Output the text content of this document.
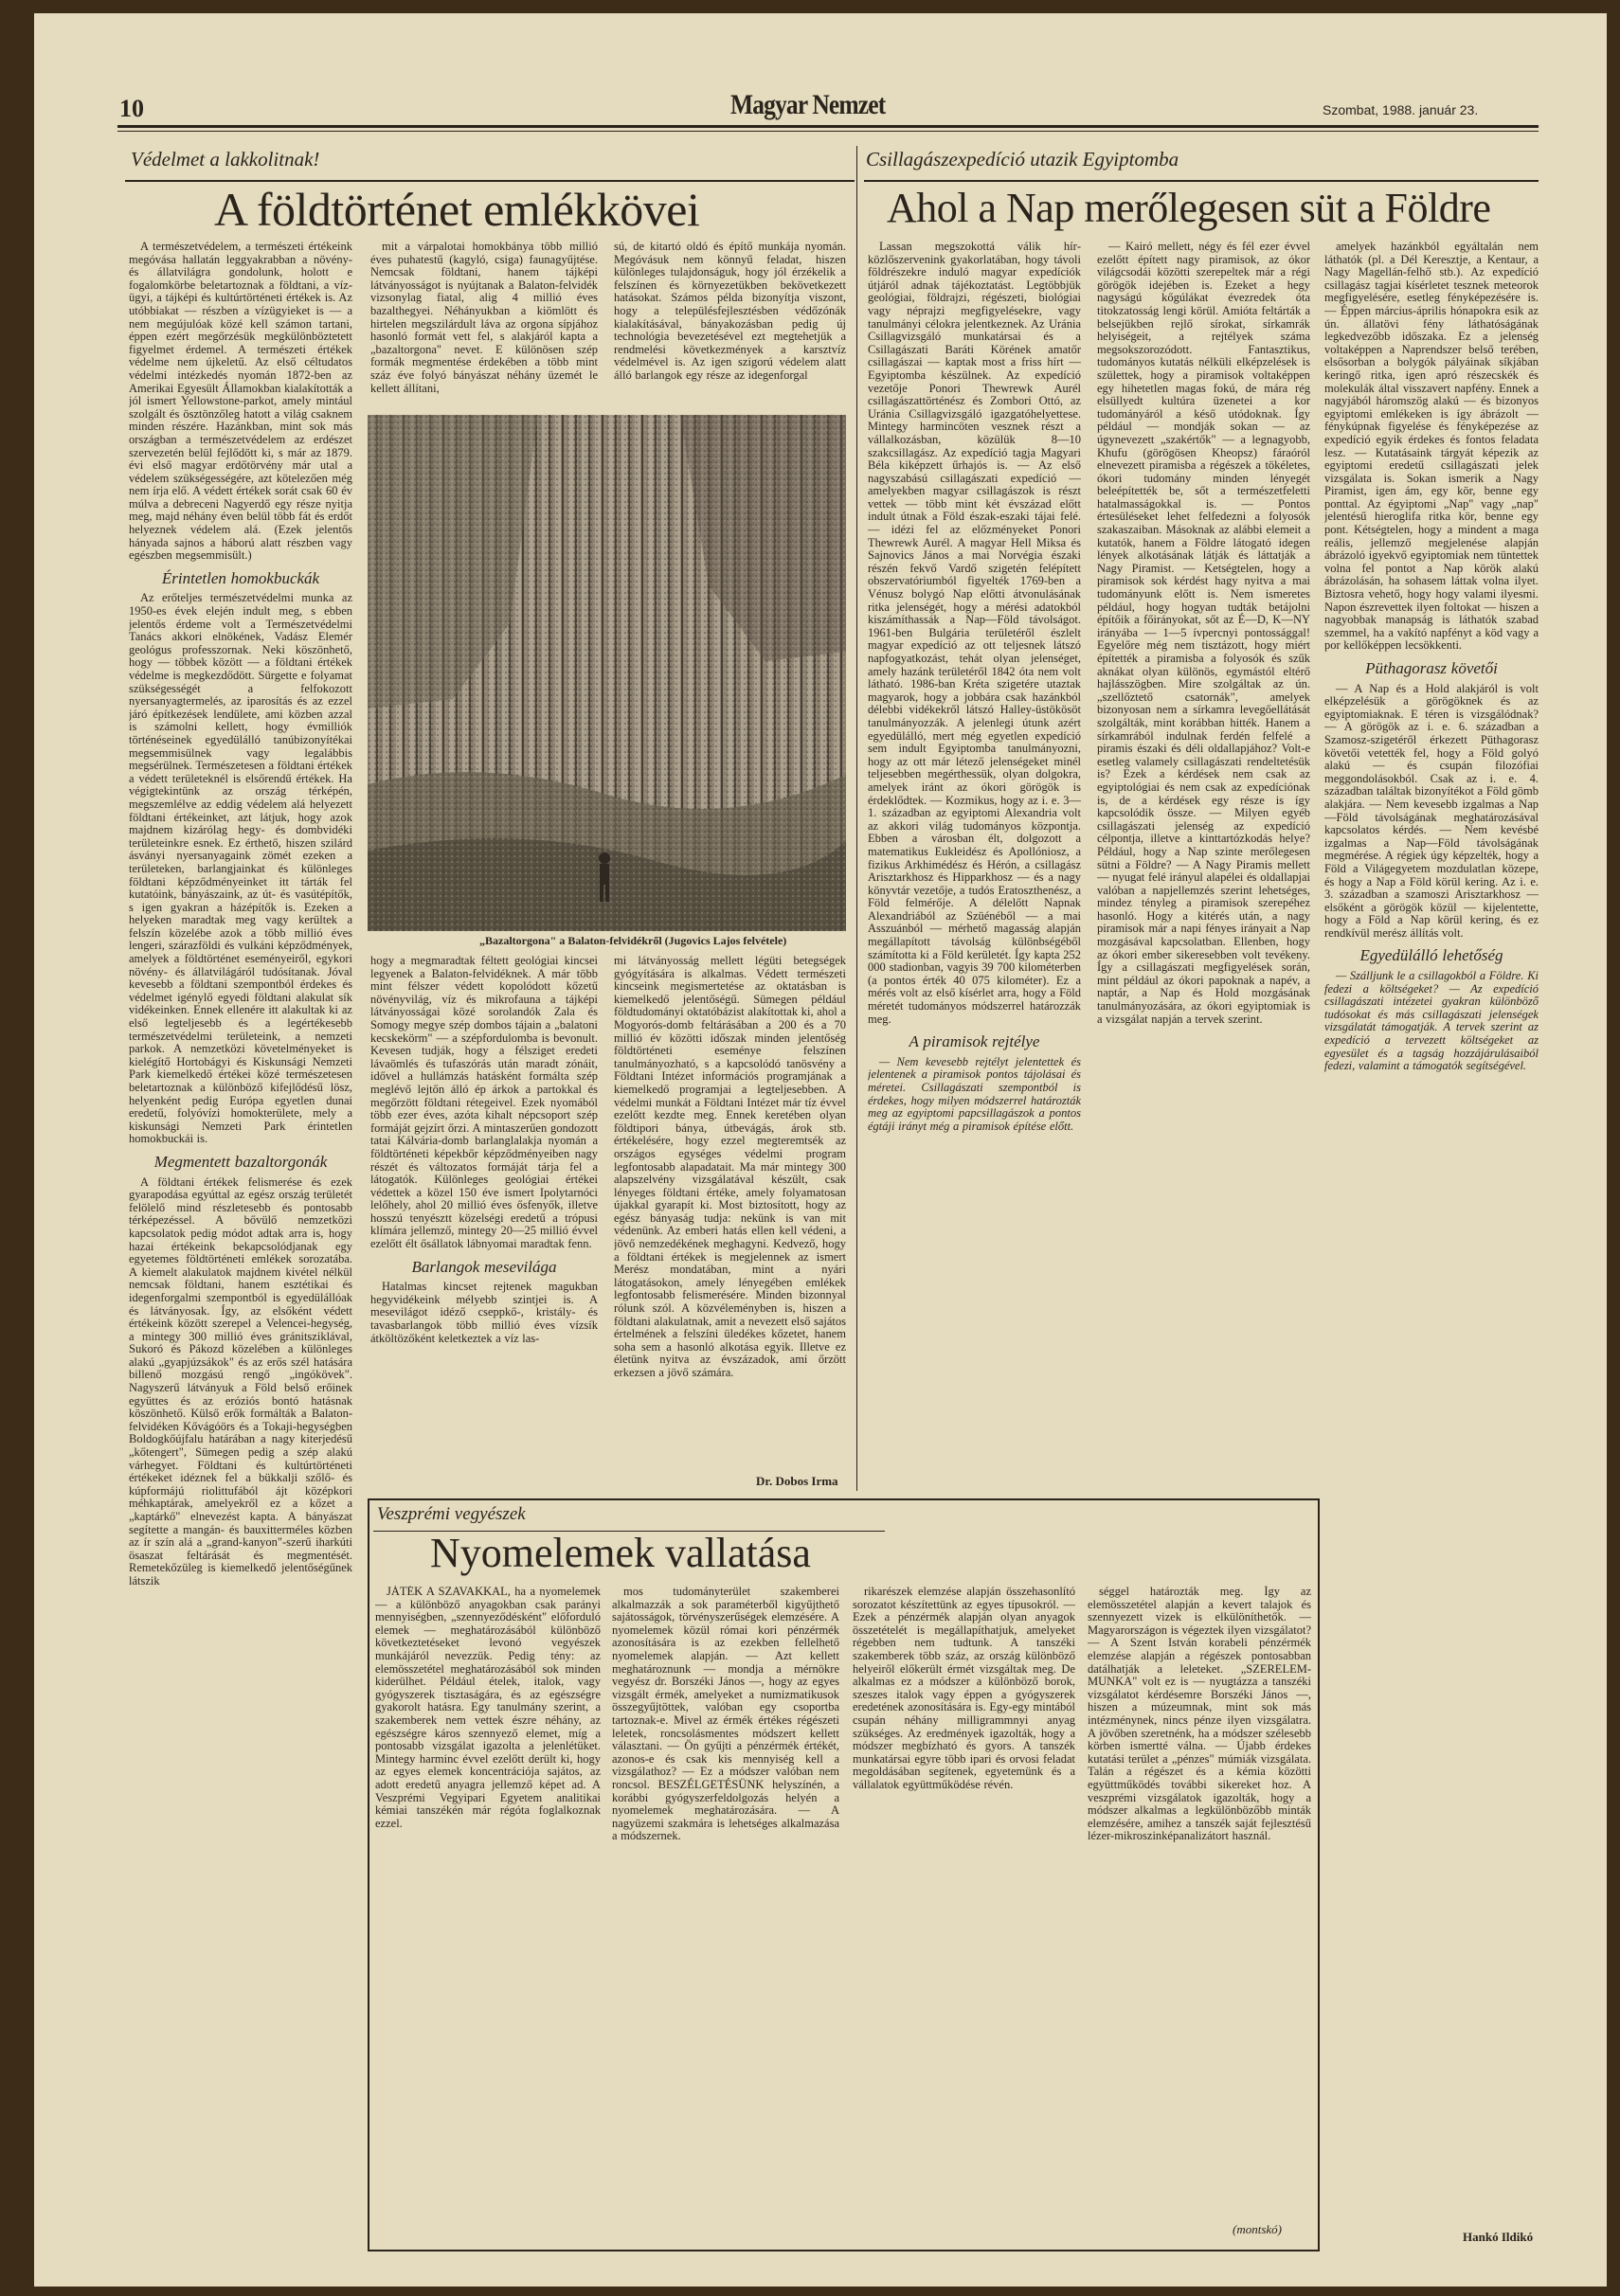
10	Magyar Nemzet	Szombat, 1988. január 23.
Védelmet a lakkolitnak!
A földtörténet emlékkövei

A természetvédelem, a természeti értékeink megóvása hallatán leggyakrabban a növény- és állatvilágra gondolunk, holott e fogalomkörbe beletartoznak a földtani, a vízügyi, a tájképi és kultúrtörténeti értékek is. Az utóbbiakat — részben a vízügyieket is — a nem megújulóak közé kell számon tartani, éppen ezért megőrzésük megkülönböztetett figyelmet érdemel. A természeti értékek védelme nem újkeletű. Az első céltudatos védelmi intézkedés nyomán 1872-ben az Amerikai Egyesült Államokban kialakították a jól ismert Yellowstone-parkot, amely mintául szolgált és ösztönzőleg hatott a világ csaknem minden részére. Hazánkban, mint sok más országban a természetvédelem az erdészet szervezetén belül fejlődött ki, s már az 1879. évi első magyar erdőtörvény már utal a védelem szükségességére, azt kötelezően még nem írja elő. A védett értékek sorát csak 60 év múlva a debreceni Nagyerdő egy része nyitja meg, majd néhány éven belül több fát és erdőt helyeznek védelem alá. (Ezek jelentős hányada sajnos a háború alatt részben vagy egészben megsemmisült.)

Érintetlen homokbuckák

Az erőteljes természetvédelmi munka az 1950-es évek elején indult meg, s ebben jelentős érdeme volt a Természetvédelmi Tanács akkori elnökének, Vadász Elemér geológus professzornak. Neki köszönhető, hogy — többek között — a földtani értékek védelme is megkezdődött. Sürgette e folyamat szükségességét a felfokozott nyersanyagtermelés, az iparosítás és az ezzel járó építkezések lendülete, ami közben azzal is számolni kellett, hogy évmilliók történéseinek egyedülálló tanúbizonyítékai megsemmisülnek vagy legalábbis megsérülnek. Természetesen a földtani értékek a védett területeknél is elsőrendű értékek. Ha végigtekintünk az ország térképén, megszemlélve az eddig védelem alá helyezett földtani értékeinket, azt látjuk, hogy azok majdnem kizárólag hegy- és dombvidéki területeinkre esnek. Ez érthető, hiszen szilárd ásványi nyersanyagaink zömét ezeken a területeken, barlangjainkat és különleges földtani képződményeinket itt tárták fel kutatóink, bányászaink, az út- és vasútépítők, s igen gyakran a házépítők is. Ezeken a helyeken maradtak meg vagy kerültek a felszín közelébe azok a több millió éves lengeri, szárazföldi és vulkáni képződmények, amelyek a földtörténet eseményeiről, egykori növény- és állatvilágáról tudósítanak. Jóval kevesebb a földtani szempontból érdekes és védelmet igénylő egyedi földtani alakulat sík vidékeinken. Ennek ellenére itt alakultak ki az első legteljesebb és a legértékesebb természetvédelmi területeink, a nemzeti parkok. A nemzetközi követelményeket is kielégítő Hortobágyi és Kiskunsági Nemzeti Park kiemelkedő értékei közé természetesen beletartoznak a különböző kifejlődésű lösz, helyenként pedig Európa egyetlen dunai eredetű, folyóvízi homokterülete, mely a kiskunsági Nemzeti Park érintetlen homokbuckái is.

Megmentett bazaltorgonák

A földtani értékek felismerése és ezek gyarapodása egyúttal az egész ország területét felölelő mind részletesebb és pontosabb térképezéssel. A bővülő nemzetközi kapcsolatok pedig módot adtak arra is, hogy hazai értékeink bekapcsolódjanak egy egyetemes földtörténeti emlékek sorozatába. A kiemelt alakulatok majdnem kivétel nélkül nemcsak földtani, hanem esztétikai és idegenforgalmi szempontból is egyedülállóak és látványosak. Így, az elsőként védett értékeink között szerepel a Velencei-hegység, a mintegy 300 millió éves gránitsziklával, Sukoró és Pákozd közelében a különleges alakú „gyapjúzsákok" és az erős szél hatására billenő mozgású rengő „ingókövek". Nagyszerű látványuk a Föld belső erőinek együttes és az eróziós bontó hatásnak köszönhető. Külső erők formálták a Balaton-felvidéken Kővágóörs és a Tokaji-hegységben Boldogkőújfalu határában a nagy kiterjedésű „kőtengert", Sümegen pedig a szép alakú várhegyet. Földtani és kultúrtörténeti értékeket idéznek fel a bükkalji szőlő- és kúpformájú riolittufából ájt középkori méhkaptárak, amelyekről ez a kőzet a „kaptárkő" elnevezést kapta. A bányászat segítette a mangán- és bauxitterméles közben az ír szín alá a „grand-kanyon"-szerű iharkúti ösaszat feltárását és megmentését. Remetekőzüleg is kiemelkedő jelentőségűnek látszik

mit a várpalotai homokbánya több millió éves puhatestű (kagyló, csiga) faunagyűjtése. Nemcsak földtani, hanem tájképi látványosságot is nyújtanak a Balaton-felvidék vizsonylag fiatal, alig 4 millió éves bazalthegyei. Néhányukban a kiömlött és hirtelen megszilárdult láva az orgona sípjához hasonló formát vett fel, s alakjáról kapta a „bazaltorgona" nevet. E különösen szép formák megmentése érdekében a több mint száz éve folyó bányászat néhány üzemét le kellett állítani,

sú, de kitartó oldó és építő munkája nyomán. Megóvásuk nem könnyű feladat, hiszen különleges tulajdonságuk, hogy jól érzékelik a felszínen és környezetükben bekövetkezett hatásokat. Számos példa bizonyítja viszont, hogy a településfejlesztésben védőzónák kialakításával, bányakozásban pedig új technológia bevezetésével ezt megtehetjük a rendmelési következmények a karsztvíz védelmével is. Az igen szigorú védelem alatt álló barlangok egy része az idegenforgal

„Bazaltorgona" a Balaton-felvidékről (Jugovics Lajos felvétele)

hogy a megmaradtak féltett geológiai kincsei legyenek a Balaton-felvidéknek. A már több mint félszer védett kopolódott kőzetű növényvilág, víz és mikrofauna a tájképi látványosságai közé sorolandók Zala és Somogy megye szép dombos tájain a „balatoni kecskekörm" — a szépfordulomba is bevonult. Kevesen tudják, hogy a félsziget eredeti lávaömlés és tufaszórás után maradt zónáit, idővel a hullámzás hatásként formálta szép meglévő lejtőn álló ép árkok a partokkal és megőrzött földtani rétegeivel. Ezek nyomából több ezer éves, azóta kihalt népcsoport szép formáját gejzírt őrzi. A mintaszerűen gondozott tatai Kálvária-domb barlanglalakja nyomán a földtörténeti képekbőr képződményeiben nagy részét és változatos formáját tárja fel a látogatók. Különleges geológiai értékei védettek a közel 150 éve ismert Ipolytarnóci lelőhely, ahol 20 millió éves ősfenyők, illetve hosszú tenyésztt közelségi eredetű a trópusi klímára jellemző, mintegy 20—25 millió évvel ezelőtt élt ősállatok lábnyomai maradtak fenn.

Barlangok mesevilága

Hatalmas kincset rejtenek magukban hegyvidékeink mélyebb szintjei is. A mesevilágot idéző cseppkő-, kristály- és tavasbarlangok több millió éves vízsík átköltözőként keletkeztek a víz las-

mi látványosság mellett légüti betegségek gyógyítására is alkalmas. Védett természeti kincseink megismertetése az oktatásban is kiemelkedő jelentőségű. Sümegen például földtudományi oktatóbázist alakítottak ki, ahol a Mogyorós-domb feltárásában a 200 és a 70 millió év közötti időszak minden jelentőség földtörténeti eseménye felszínen tanulmányozható, s a kapcsolódó tanösvény a Földtani Intézet információs programjának a kiemelkedő programjai a legteljesebben. A védelmi munkát a Földtani Intézet már tíz évvel ezelőtt kezdte meg. Ennek keretében olyan földtipori bánya, útbevágás, árok stb. értékelésére, hogy ezzel megteremtsék az országos egységes védelmi program legfontosabb alapadatait. Ma már mintegy 300 alapszelvény vizsgálatával készült, csak lényeges földtani értéke, amely folyamatosan újakkal gyarapít ki. Most biztosított, hogy az egész bányaság tudja: nekünk is van mit védenünk. Az emberi hatás ellen kell védeni, a jövő nemzedékének meghagyni. Kedvező, hogy a földtani értékek is megjelennek az ismert Merész mondatában, mint a nyári látogatásokon, amely lényegében emlékek legfontosabb felismerésére. Minden bizonnyal rólunk szól. A közvéleményben is, hiszen a földtani alakulatnak, amit a nevezett első sajátos értelmének a felszíni üledékes kőzetet, hanem soha sem a hasonló alkotása egyik. Illetve ez életünk nyitva az évszázadok, ami őrzött erkezsen a jövő számára.

Dr. Dobos Irma
Csillagászexpedíció utazik Egyiptomba
Ahol a Nap merőlegesen süt a Földre

Lassan megszokottá válik hírközlőszervenink gyakorlatában, hogy távoli földrészekre induló magyar expedíciók útjáról adnak tájékoztatást. Legtöbbjük geológiai, földrajzi, régészeti, biológiai vagy néprajzi megfigyelésekre, vagy tanulmányi célokra jelentkeznek. Az Uránia Csillagvizsgáló munkatársai és a Csillagászati Baráti Körének amatőr csillagászai — kaptak most a friss hírt — Egyiptomba készülnek. Az expedíció vezetője Ponori Thewrewk Aurél csillagászattörténész és Zombori Ottó, az Uránia Csillagvizsgáló igazgatóhelyettese. Mintegy harmincöten vesznek részt a vállalkozásban, közülük 8—10 szakcsillagász. Az expedíció tagja Magyari Béla kiképzett űrhajós is. — Az első nagyszabású csillagászati expedíció — amelyekben magyar csillagászok is részt vettek — több mint két évszázad előtt indult útnak a Föld észak-eszaki tájai felé. — idézi fel az előzményeket Ponori Thewrewk Aurél. A magyar Hell Miksa és Sajnovics János a mai Norvégia északi részén fekvő Vardő szigetén felépített obszervatóriumból figyelték 1769-ben a Vénusz bolygó Nap előtti átvonulásának ritka jelenségét, hogy a mérési adatokból kiszámíthassák a Nap—Föld távolságot. 1961-ben Bulgária területéről észlelt magyar expedíció az ott teljesnek látszó napfogyatkozást, tehát olyan jelenséget, amely hazánk területéről 1842 óta nem volt látható. 1986-ban Kréta szigetére utaztak magyarok, hogy a jobbára csak hazánkból délebbi vidékekről látszó Halley-üstökösöt tanulmányozzák. A jelenlegi útunk azért egyedülálló, mert még egyetlen expedíció sem indult Egyiptomba tanulmányozni, hogy az ott már létező jelenségeket minél teljesebben megérthessük, olyan dolgokra, amelyek iránt az ókori görögök is érdeklődtek. — Kozmikus, hogy az i. e. 3—1. században az egyiptomi Alexandria volt az akkori világ tudományos központja. Ebben a városban élt, dolgozott a matematikus Eukleidész és Apollóniosz, a fizikus Arkhimédész és Hérón, a csillagász Arisztarkhosz és Hipparkhosz — és a nagy könyvtár vezetője, a tudós Eratoszthenész, a Föld felmérője. A délelőtt Napnak Alexandriából az Szüénéből — a mai Asszuánból — mérhető magasság alapján megállapított távolság különbségéből számította ki a Föld kerületét. Így kapta 252 000 stadionban, vagyis 39 700 kilométerben (a pontos érték 40 075 kilométer). Ez a mérés volt az első kísérlet arra, hogy a Föld méretét tudományos módszerrel határozzák meg.

A piramisok rejtélye

— Nem kevesebb rejtélyt jelentettek és jelentenek a piramisok pontos tájolásai és méretei. Csillagászati szempontból is érdekes, hogy milyen módszerrel határozták meg az egyiptomi papcsillagászok a pontos égtáji irányt még a piramisok építése előtt.

— Kairó mellett, négy és fél ezer évvel ezelőtt épített nagy piramisok, az ókor világcsodái közötti szerepeltek már a régi görögök idejében is. Ezeket a hegy nagyságú kőgúlákat évezredek óta titokzatosság lengi körül. Amióta feltárták a belsejükben rejlő sírokat, sírkamrák helyiségeit, a rejtélyek száma megsokszorozódott. Fantasztikus, tudományos kutatás nélküli elképzelések is születtek, hogy a piramisok voltaképpen egy hihetetlen magas fokú, de mára rég elsüllyedt kultúra üzenetei a kor tudományáról a késő utódoknak. Így például — mondják sokan — az úgynevezett „szakértők" — a legnagyobb, Khufu (görögösen Kheopsz) fáraóról elnevezett piramisba a régészek a tökéletes, ókori tudomány minden lényegét beleépítették be, sőt a természetfeletti hatalmasságokkal is. — Pontos értesüléseket lehet felfedezni a folyosók szakaszaiban. Másoknak az alábbi elemeit a kutatók, hanem a Földre látogató idegen lények alkotásának látják és láttatják a Nagy Piramist. — Ketségtelen, hogy a piramisok sok kérdést hagy nyitva a mai tudományunk előtt is. Nem ismeretes például, hogy hogyan tudták betájolni építőik a főirányokat, sőt az É—D, K—NY irányába — 1—5 ívpercnyi pontossággal! Egyelőre még nem tisztázott, hogy miért építették a piramisba a folyosók és szűk aknákat olyan különös, egymástól eltérő hajlásszögben. Mire szolgáltak az ún. „szellőztető csatornák", amelyek bizonyosan nem a sírkamra levegőellátását szolgálták, mint korábban hitték. Hanem a sírkamrából indulnak ferdén felfelé a piramis északi és déli oldallapjához? Volt-e esetleg valamely csillagászati rendeltetésük is? Ezek a kérdések nem csak az egyiptológiai és nem csak az expedíciónak is, de a kérdések egy része is így kapcsolódik össze. — Milyen egyéb csillagászati jelenség az expedíció célpontja, illetve a kinttartózkodás helye? Például, hogy a Nap szinte merőlegesen sütni a Földre? — A Nagy Piramis mellett — nyugat felé irányul alapélei és oldallapjai valóban a napjellemzés szerint lehetséges, mindez tényleg a piramisok szerepéhez hasonló. Hogy a kitérés után, a nagy piramisok már a napi fényes irányait a Nap mozgásával kapcsolatban. Ellenben, hogy az ókori ember sikeresebben volt tevékeny. Így a csillagászati megfigyelések során, mint például az ókori papoknak a napév, a naptár, a Nap és Hold mozgásának tanulmányozására, az ókori egyiptomiak is a vizsgálat napján a tervek szerint.

amelyek hazánkból egyáltalán nem láthatók (pl. a Dél Keresztje, a Kentaur, a Nagy Magellán-felhő stb.). Az expedíció csillagász tagjai kísérletet tesznek meteorok megfigyelésére, esetleg fényképezésére is. — Éppen március-április hónapokra esik az ún. állatövi fény láthatóságának legkedvezőbb időszaka. Ez a jelenség voltaképpen a Naprendszer belső terében, elsősorban a bolygók pályáinak síkjában keringő ritka, igen apró részecskék és molekulák által visszavert napfény. Ennek a nagyjából háromszög alakú — és bizonyos egyiptomi emlékeken is így ábrázolt — fénykúpnak figyelése és fényképezése az expedíció egyik érdekes és fontos feladata lesz. — Kutatásaink tárgyát képezik az egyiptomi eredetű csillagászati jelek vizsgálata is. Sokan ismerik a Nagy Piramist, igen ám, egy kör, benne egy ponttal. Az égyiptomi „Nap" vagy „nap" jelentésű hieroglifa ritka kör, benne egy pont. Kétségtelen, hogy a mindent a maga reális, jellemző megjelenése alapján ábrázoló igyekvő egyiptomiak nem tüntettek volna fel pontot a Nap körök alakú ábrázolásán, ha sohasem láttak volna ilyet. Biztosra vehető, hogy hogy valami ilyesmi. Napon észrevettek ilyen foltokat — hiszen a nagyobbak manapság is láthatók szabad szemmel, ha a vakító napfényt a köd vagy a por kellőképpen lecsökkenti.

Püthagorasz követői

— A Nap és a Hold alakjáról is volt elképzelésük a görögöknek és az egyiptomiaknak. E téren is vizsgálódnak? — A görögök az i. e. 6. században a Szamosz-szigetéről érkezett Püthagorasz követői vetették fel, hogy a Föld golyó alakú — és csupán filozófiai meggondolásokból. Csak az i. e. 4. században találtak bizonyítékot a Föld gömb alakjára. — Nem kevesebb izgalmas a Nap—Föld távolságának meghatározásával kapcsolatos kérdés. — Nem kevésbé izgalmas a Nap—Föld távolságának megmérése. A régiek úgy képzelték, hogy a Föld a Világegyetem mozdulatlan közepe, és hogy a Nap a Föld körül kering. Az i. e. 3. században a szamoszi Arisztarkhosz — elsőként a görögök közül — kijelentette, hogy a Föld a Nap körül kering, és ez rendkívül merész állítás volt.

Egyedülálló lehetőség

— Szálljunk le a csillagokból a Földre. Ki fedezi a költségeket? — Az expedíció csillagászati intézetei gyakran különböző tudósokat és más csillagászati jelenségek vizsgálatát támogatják. A tervek szerint az expedíció a tervezett költségeket az egyesület és a tagság hozzájárulásaiból fedezi, valamint a támogatók segítségével.

Hankó Ildikó
Veszprémi vegyészek
Nyomelemek vallatása

JÁTÉK A SZAVAKKAL, ha a nyomelemek — a különböző anyagokban csak parányi mennyiségben, „szennyeződésként" előforduló elemek — meghatározásából különböző következtetéseket levonó vegyészek munkájáról nevezzük. Pedig tény: az elemösszetétel meghatározásából sok minden kiderülhet. Például ételek, italok, vagy gyógyszerek tisztaságára, és az egészségre gyakorolt hatásra. Egy tanulmány szerint, a szakemberek nem vettek észre néhány, az egészségre káros szennyező elemet, míg a pontosabb vizsgálat igazolta a jelenlétüket. Mintegy harminc évvel ezelőtt derült ki, hogy az egyes elemek koncentrációja sajátos, az adott eredetű anyagra jellemző képet ad. A Veszprémi Vegyipari Egyetem analitikai kémiai tanszékén már régóta foglalkoznak ezzel.

mos tudományterület szakemberei alkalmazzák a sok paraméterből kigyűjthető sajátosságok, törvényszerűségek elemzésére. A nyomelemek közül római kori pénzérmék azonosítására is az ezekben fellelhető nyomelemek alapján. — Azt kellett meghatároznunk — mondja a mérnökre vegyész dr. Borszéki János —, hogy az egyes vizsgált érmék, amelyeket a numizmatikusok összegyűjtöttek, valóban egy csoportba tartoznak-e. Mivel az érmék értékes régészeti leletek, roncsolásmentes módszert kellett választani. — Ön gyűjti a pénzérmék értékét, azonos-e és csak kis mennyiség kell a vizsgálathoz? — Ez a módszer valóban nem roncsol. BESZÉLGETÉSÜNK helyszínén, a korábbi gyógyszerfeldolgozás helyén a nyomelemek meghatározására. — A nagyüzemi szakmára is lehetséges alkalmazása a módszernek.

rikarészek elemzése alapján összehasonlító sorozatot készítettünk az egyes típusokról. — Ezek a pénzérmék alapján olyan anyagok összetételét is megállapíthatjuk, amelyeket régebben nem tudtunk. A tanszéki szakemberek több száz, az ország különböző helyeiről előkerült érmét vizsgáltak meg. De alkalmas ez a módszer a különböző borok, szeszes italok vagy éppen a gyógyszerek eredetének azonosítására is. Egy-egy mintából csupán néhány milligrammnyi anyag szükséges. Az eredmények igazolták, hogy a módszer megbízható és gyors. A tanszék munkatársai egyre több ipari és orvosi feladat megoldásában segítenek, egyetemünk és a vállalatok együttműködése révén.

séggel határozták meg. Így az elemösszetétel alapján a kevert talajok és szennyezett vizek is elkülöníthetők. — Magyarországon is végeztek ilyen vizsgálatot? — A Szent István korabeli pénzérmék elemzése alapján a régészek pontosabban datálhatják a leleteket. „SZERELEM-MUNKA" volt ez is — nyugtázza a tanszéki vizsgálatot kérdésemre Borszéki János —, hiszen a múzeumnak, mint sok más intézménynek, nincs pénze ilyen vizsgálatra. A jövőben szeretnénk, ha a módszer szélesebb körben ismertté válna. — Újabb érdekes kutatási terület a „pénzes" múmiák vizsgálata. Talán a régészet és a kémia közötti együttműködés további sikereket hoz. A veszprémi vizsgálatok igazolták, hogy a módszer alkalmas a legkülönbözőbb minták elemzésére, amihez a tanszék saját fejlesztésű lézer-mikroszinképanalizátort használ.

(montskó)
